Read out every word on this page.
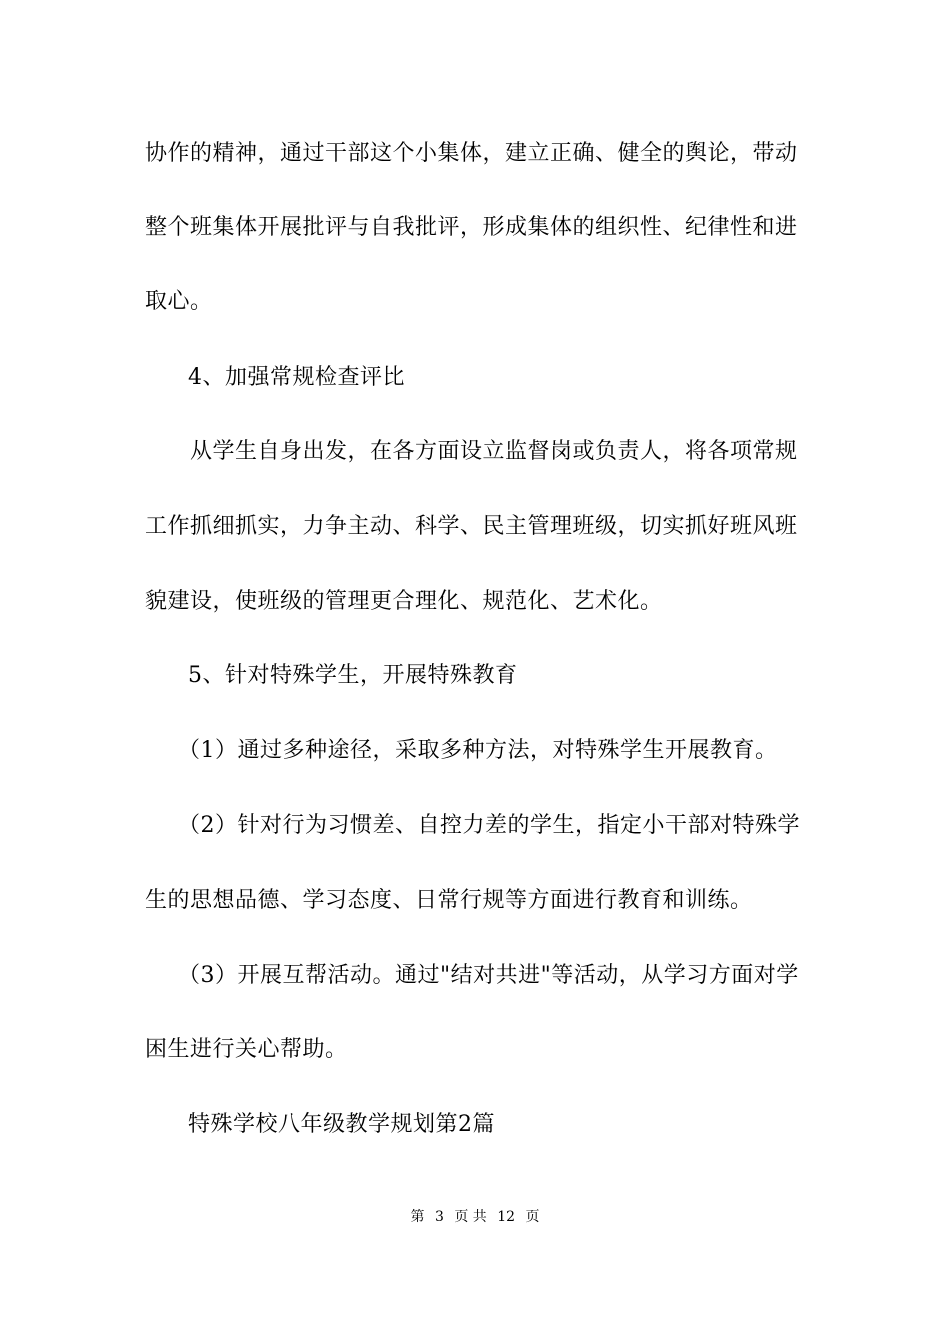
协作的精神，通过干部这个小集体，建立正确、健全的舆论，带动
整个班集体开展批评与自我批评，形成集体的组织性、纪律性和进
取心。
4、加强常规检查评比
从学生自身出发，在各方面设立监督岗或负责人，将各项常规
工作抓细抓实，力争主动、科学、民主管理班级，切实抓好班风班
貌建设，使班级的管理更合理化、规范化、艺术化。
5、针对特殊学生，开展特殊教育
（1）通过多种途径，采取多种方法，对特殊学生开展教育。
（2）针对行为习惯差、自控力差的学生，指定小干部对特殊学
生的思想品德、学习态度、日常行规等方面进行教育和训练。
（3）开展互帮活动。通过"结对共进"等活动，从学习方面对学
困生进行关心帮助。
特殊学校八年级教学规划第2篇
第 3 页 共 12 页
